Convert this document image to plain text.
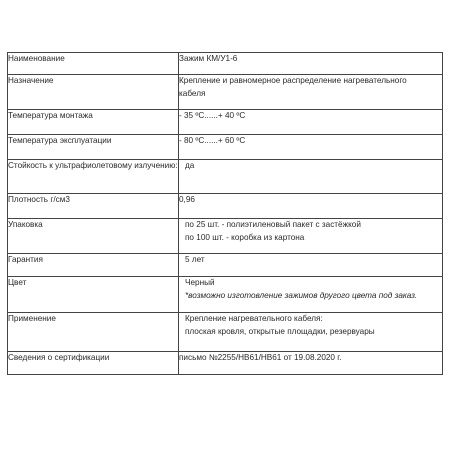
Наименование	Зажим КМ/У1-6

Назначение	Крепление и равномерное распределение нагревательного
кабеля

Температура монтажа	- 35 ºС......+ 40 ºС

Температура эксплуатации	- 80 ºС......+ 60 ºС

Стойкость к ультрафиолетовому излучению:	да

Плотность г/см3	0,96

Упаковка	по 25 шт. - полиэтиленовый пакет с застёжкой
по 100 шт. - коробка из картона

Гарантия	5 лет

Цвет	Черный
*возможно изготовление зажимов другого цвета под заказ.

Применение	Крепление нагревательного кабеля:
плоская кровля, открытые площадки, резервуары

Сведения о сертификации	письмо №2255/НВ61/НВ61 от 19.08.2020 г.
